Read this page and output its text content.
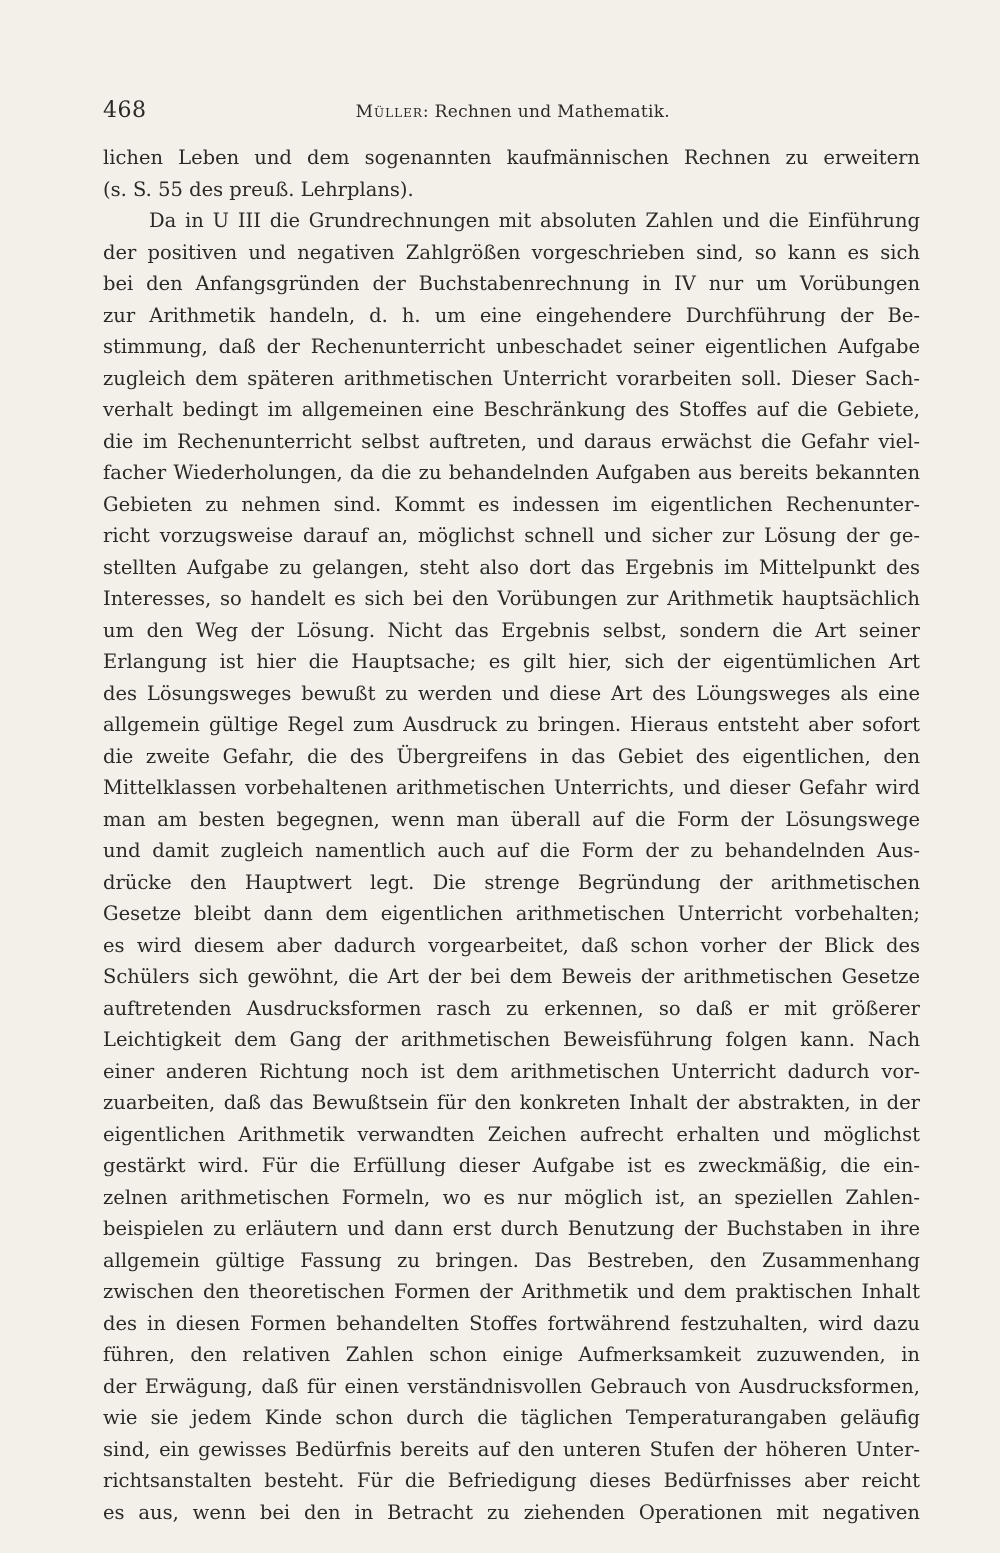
468	Müller: Rechnen und Mathematik.
lichen Leben und dem sogenannten kaufmännischen Rechnen zu erweitern
(s. S. 55 des preuß. Lehrplans).
Da in U III die Grundrechnungen mit absoluten Zahlen und die Einführung
der positiven und negativen Zahlgrößen vorgeschrieben sind, so kann es sich
bei den Anfangsgründen der Buchstabenrechnung in IV nur um Vorübungen
zur Arithmetik handeln, d. h. um eine eingehendere Durchführung der Be-
stimmung, daß der Rechenunterricht unbeschadet seiner eigentlichen Aufgabe
zugleich dem späteren arithmetischen Unterricht vorarbeiten soll. Dieser Sach-
verhalt bedingt im allgemeinen eine Beschränkung des Stoffes auf die Gebiete,
die im Rechenunterricht selbst auftreten, und daraus erwächst die Gefahr viel-
facher Wiederholungen, da die zu behandelnden Aufgaben aus bereits bekannten
Gebieten zu nehmen sind. Kommt es indessen im eigentlichen Rechenunter-
richt vorzugsweise darauf an, möglichst schnell und sicher zur Lösung der ge-
stellten Aufgabe zu gelangen, steht also dort das Ergebnis im Mittelpunkt des
Interesses, so handelt es sich bei den Vorübungen zur Arithmetik hauptsächlich
um den Weg der Lösung. Nicht das Ergebnis selbst, sondern die Art seiner
Erlangung ist hier die Hauptsache; es gilt hier, sich der eigentümlichen Art
des Lösungsweges bewußt zu werden und diese Art des Löungsweges als eine
allgemein gültige Regel zum Ausdruck zu bringen. Hieraus entsteht aber sofort
die zweite Gefahr, die des Übergreifens in das Gebiet des eigentlichen, den
Mittelklassen vorbehaltenen arithmetischen Unterrichts, und dieser Gefahr wird
man am besten begegnen, wenn man überall auf die Form der Lösungswege
und damit zugleich namentlich auch auf die Form der zu behandelnden Aus-
drücke den Hauptwert legt. Die strenge Begründung der arithmetischen
Gesetze bleibt dann dem eigentlichen arithmetischen Unterricht vorbehalten;
es wird diesem aber dadurch vorgearbeitet, daß schon vorher der Blick des
Schülers sich gewöhnt, die Art der bei dem Beweis der arithmetischen Gesetze
auftretenden Ausdrucksformen rasch zu erkennen, so daß er mit größerer
Leichtigkeit dem Gang der arithmetischen Beweisführung folgen kann. Nach
einer anderen Richtung noch ist dem arithmetischen Unterricht dadurch vor-
zuarbeiten, daß das Bewußtsein für den konkreten Inhalt der abstrakten, in der
eigentlichen Arithmetik verwandten Zeichen aufrecht erhalten und möglichst
gestärkt wird. Für die Erfüllung dieser Aufgabe ist es zweckmäßig, die ein-
zelnen arithmetischen Formeln, wo es nur möglich ist, an speziellen Zahlen-
beispielen zu erläutern und dann erst durch Benutzung der Buchstaben in ihre
allgemein gültige Fassung zu bringen. Das Bestreben, den Zusammenhang
zwischen den theoretischen Formen der Arithmetik und dem praktischen Inhalt
des in diesen Formen behandelten Stoffes fortwährend festzuhalten, wird dazu
führen, den relativen Zahlen schon einige Aufmerksamkeit zuzuwenden, in
der Erwägung, daß für einen verständnisvollen Gebrauch von Ausdrucksformen,
wie sie jedem Kinde schon durch die täglichen Temperaturangaben geläufig
sind, ein gewisses Bedürfnis bereits auf den unteren Stufen der höheren Unter-
richtsanstalten besteht. Für die Befriedigung dieses Bedürfnisses aber reicht
es aus, wenn bei den in Betracht zu ziehenden Operationen mit negativen
